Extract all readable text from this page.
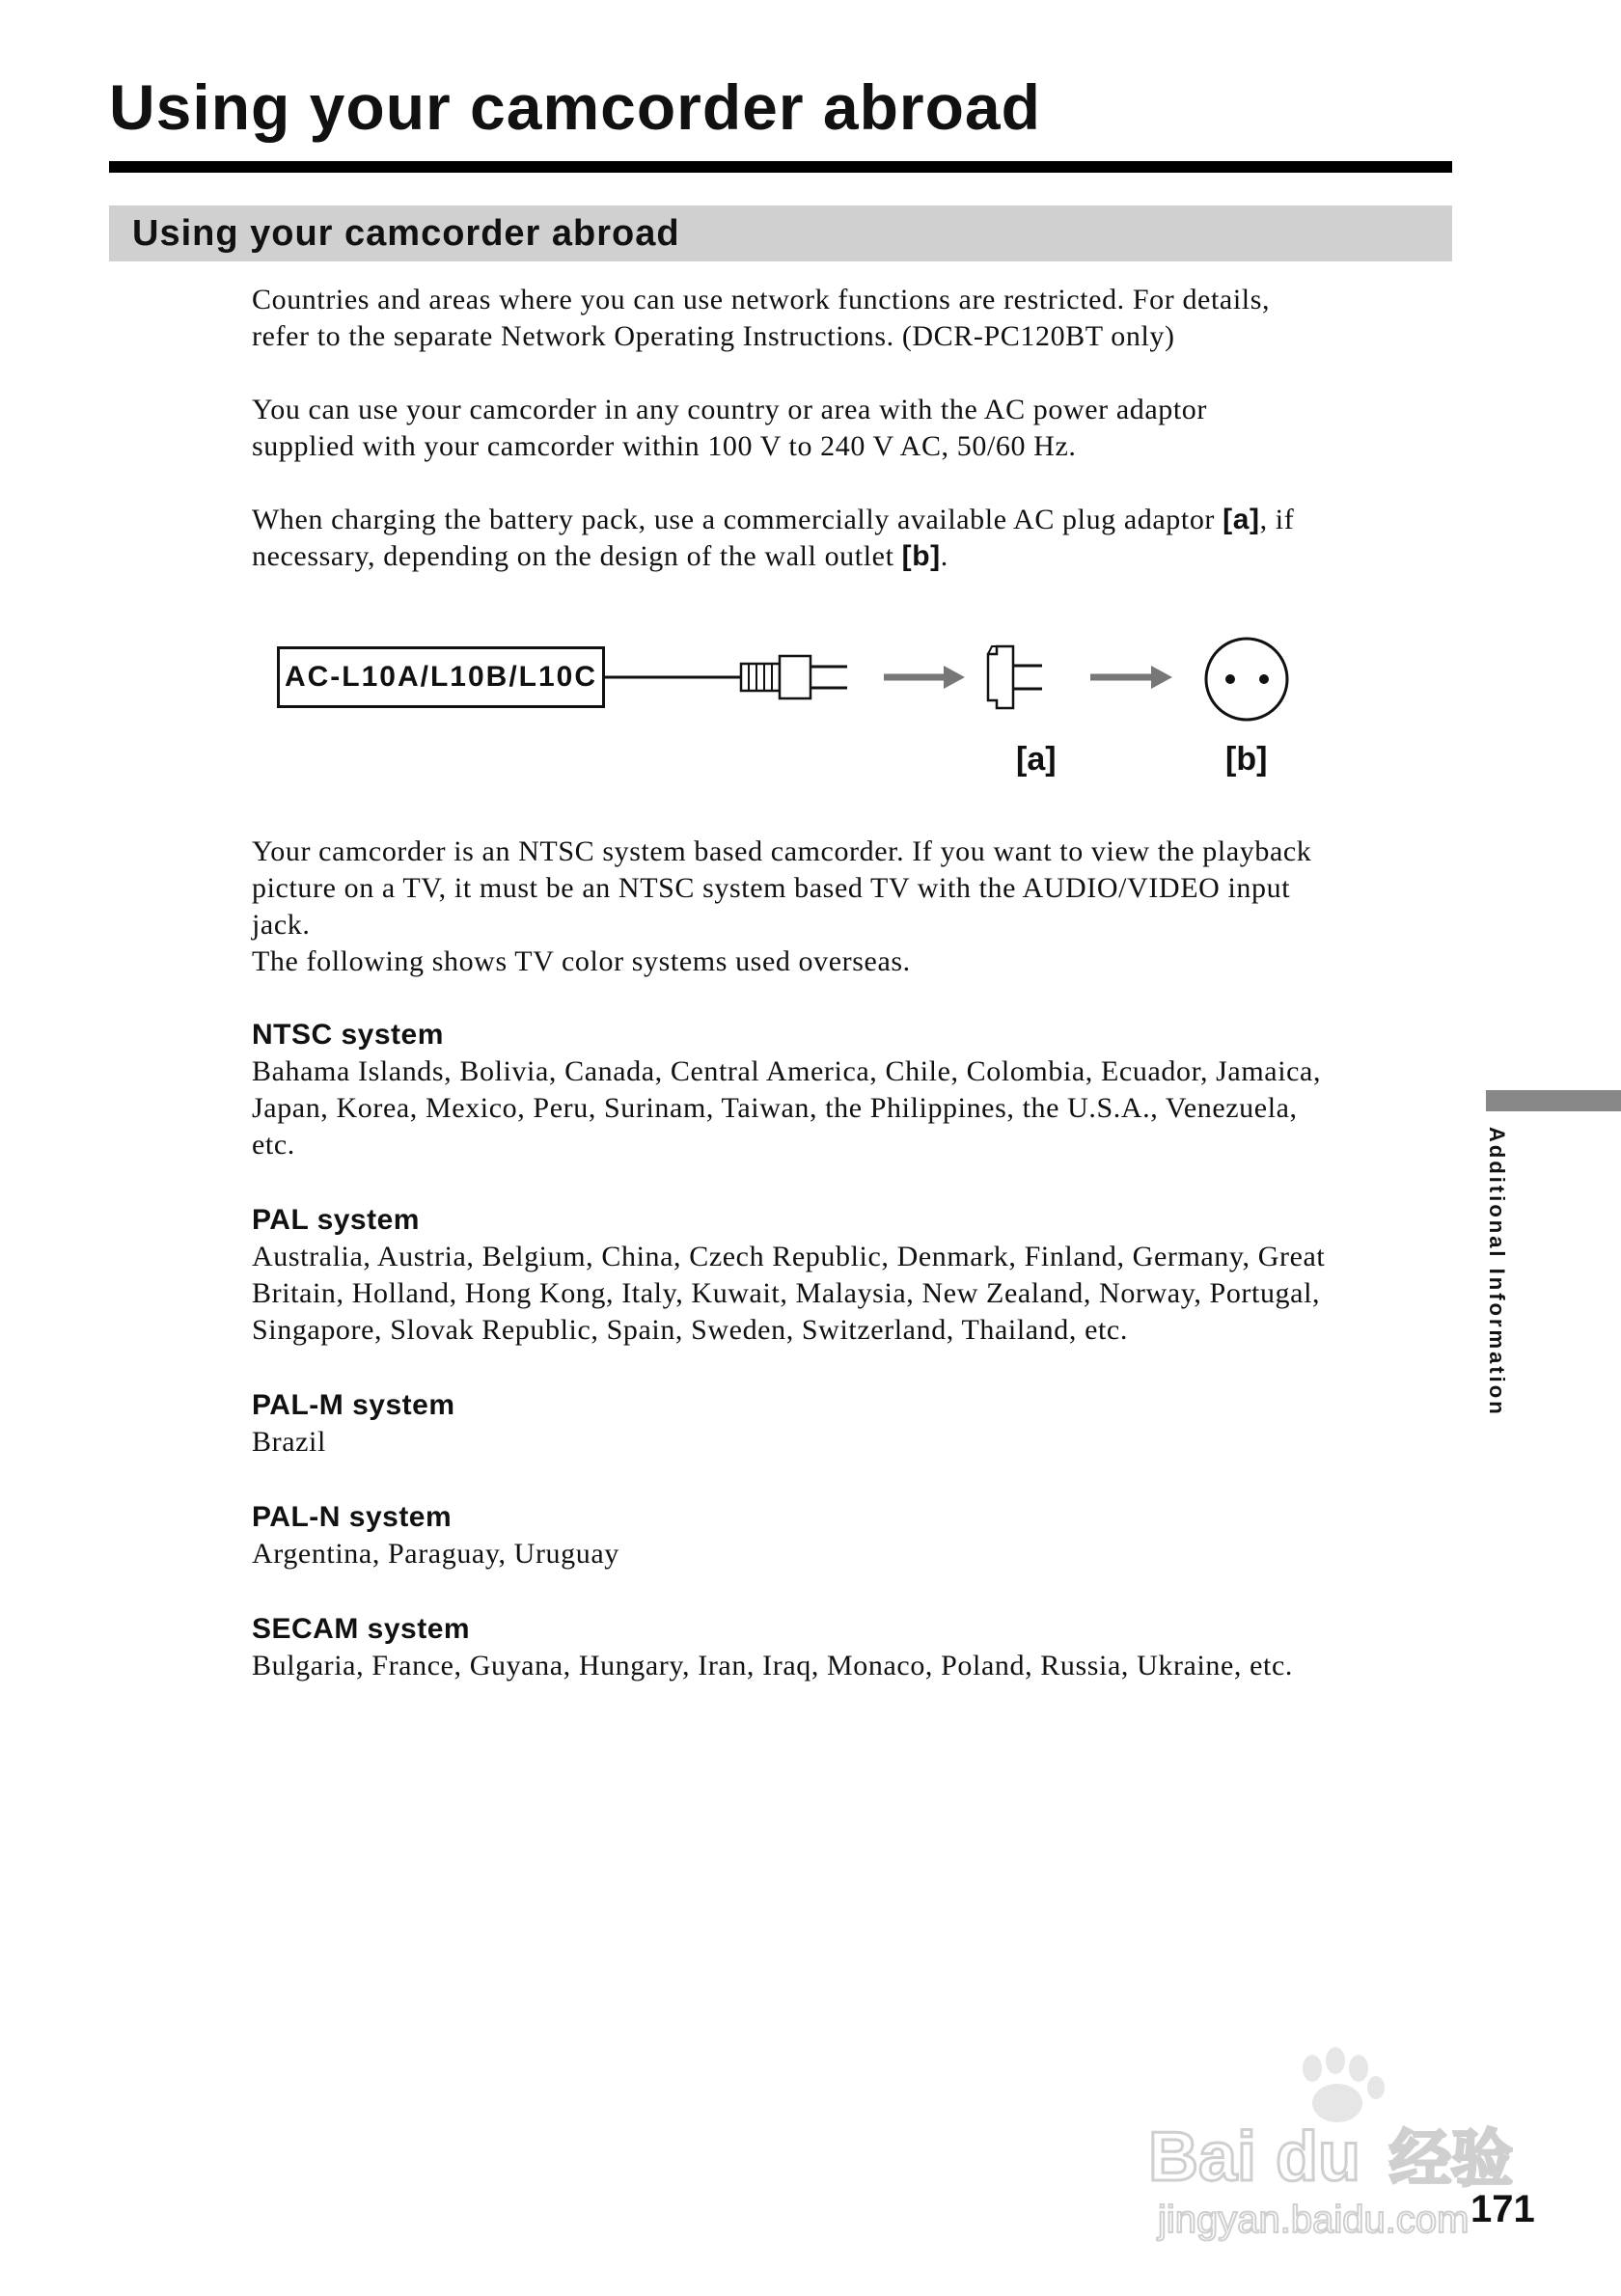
Using your camcorder abroad
Using your camcorder abroad

Countries and areas where you can use network functions are restricted. For details,
refer to the separate Network Operating Instructions. (DCR-PC120BT only)

You can use your camcorder in any country or area with the AC power adaptor
supplied with your camcorder within 100 V to 240 V AC, 50/60 Hz.

When charging the battery pack, use a commercially available AC plug adaptor [a], if
necessary, depending on the design of the wall outlet [b].

AC-L10A/L10B/L10C
[a]	[b]

Your camcorder is an NTSC system based camcorder. If you want to view the playback
picture on a TV, it must be an NTSC system based TV with the AUDIO/VIDEO input
jack.
The following shows TV color systems used overseas.

NTSC system

Bahama Islands, Bolivia, Canada, Central America, Chile, Colombia, Ecuador, Jamaica,
Japan, Korea, Mexico, Peru, Surinam, Taiwan, the Philippines, the U.S.A., Venezuela,
etc.

PAL system

Australia, Austria, Belgium, China, Czech Republic, Denmark, Finland, Germany, Great
Britain, Holland, Hong Kong, Italy, Kuwait, Malaysia, New Zealand, Norway, Portugal,
Singapore, Slovak Republic, Spain, Sweden, Switzerland, Thailand, etc.

PAL-M system

Brazil

PAL-N system

Argentina, Paraguay, Uruguay

SECAM system

Bulgaria, France, Guyana, Hungary, Iran, Iraq, Monaco, Poland, Russia, Ukraine, etc.

Additional Information
Bai du 经验
jingyan.baidu.com 171
